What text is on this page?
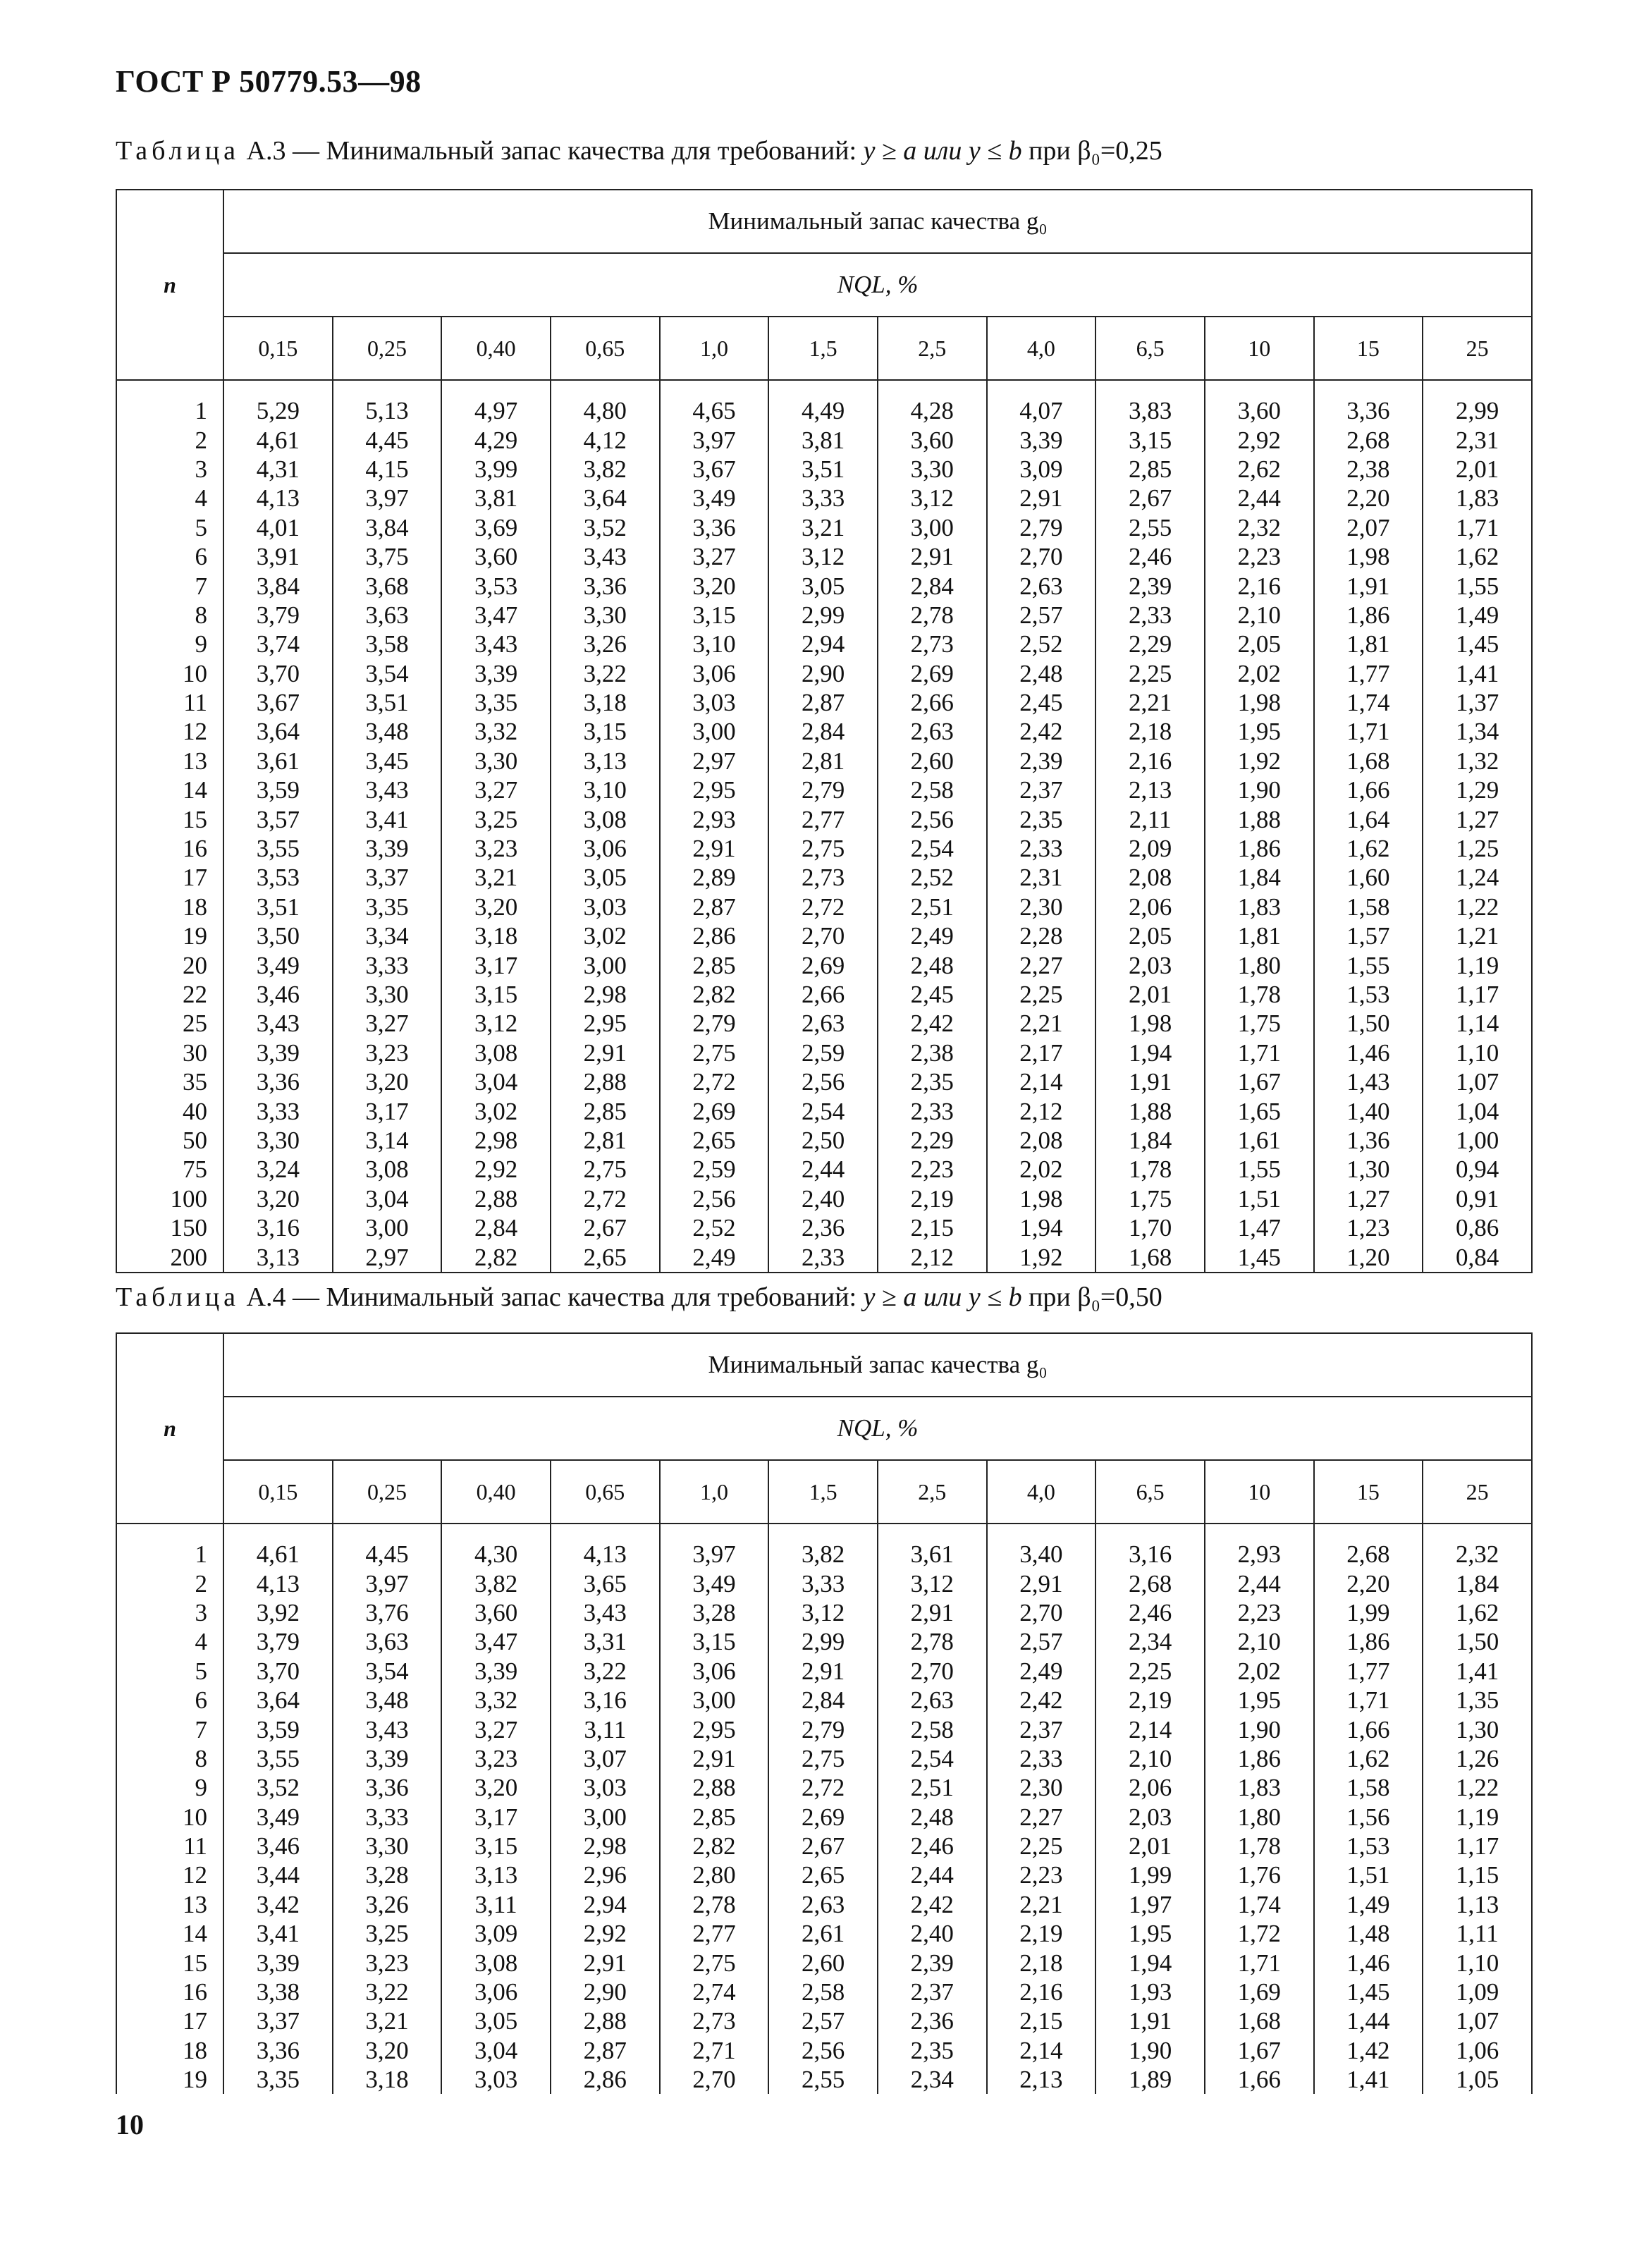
ГОСТ Р 50779.53—98
Таблица А.3 — Минимальный запас качества для требований: y ≥ a или y ≤ b при β₀=0,25
n	Минимальный запас качества g₀											
	NQL, %											
	0,15	0,25	0,40	0,65	1,0	1,5	2,5	4,0	6,5	10	15	25
1	5,29	5,13	4,97	4,80	4,65	4,49	4,28	4,07	3,83	3,60	3,36	2,99
2	4,61	4,45	4,29	4,12	3,97	3,81	3,60	3,39	3,15	2,92	2,68	2,31
3	4,31	4,15	3,99	3,82	3,67	3,51	3,30	3,09	2,85	2,62	2,38	2,01
4	4,13	3,97	3,81	3,64	3,49	3,33	3,12	2,91	2,67	2,44	2,20	1,83
5	4,01	3,84	3,69	3,52	3,36	3,21	3,00	2,79	2,55	2,32	2,07	1,71
6	3,91	3,75	3,60	3,43	3,27	3,12	2,91	2,70	2,46	2,23	1,98	1,62
7	3,84	3,68	3,53	3,36	3,20	3,05	2,84	2,63	2,39	2,16	1,91	1,55
8	3,79	3,63	3,47	3,30	3,15	2,99	2,78	2,57	2,33	2,10	1,86	1,49
9	3,74	3,58	3,43	3,26	3,10	2,94	2,73	2,52	2,29	2,05	1,81	1,45
10	3,70	3,54	3,39	3,22	3,06	2,90	2,69	2,48	2,25	2,02	1,77	1,41
11	3,67	3,51	3,35	3,18	3,03	2,87	2,66	2,45	2,21	1,98	1,74	1,37
12	3,64	3,48	3,32	3,15	3,00	2,84	2,63	2,42	2,18	1,95	1,71	1,34
13	3,61	3,45	3,30	3,13	2,97	2,81	2,60	2,39	2,16	1,92	1,68	1,32
14	3,59	3,43	3,27	3,10	2,95	2,79	2,58	2,37	2,13	1,90	1,66	1,29
15	3,57	3,41	3,25	3,08	2,93	2,77	2,56	2,35	2,11	1,88	1,64	1,27
16	3,55	3,39	3,23	3,06	2,91	2,75	2,54	2,33	2,09	1,86	1,62	1,25
17	3,53	3,37	3,21	3,05	2,89	2,73	2,52	2,31	2,08	1,84	1,60	1,24
18	3,51	3,35	3,20	3,03	2,87	2,72	2,51	2,30	2,06	1,83	1,58	1,22
19	3,50	3,34	3,18	3,02	2,86	2,70	2,49	2,28	2,05	1,81	1,57	1,21
20	3,49	3,33	3,17	3,00	2,85	2,69	2,48	2,27	2,03	1,80	1,55	1,19
22	3,46	3,30	3,15	2,98	2,82	2,66	2,45	2,25	2,01	1,78	1,53	1,17
25	3,43	3,27	3,12	2,95	2,79	2,63	2,42	2,21	1,98	1,75	1,50	1,14
30	3,39	3,23	3,08	2,91	2,75	2,59	2,38	2,17	1,94	1,71	1,46	1,10
35	3,36	3,20	3,04	2,88	2,72	2,56	2,35	2,14	1,91	1,67	1,43	1,07
40	3,33	3,17	3,02	2,85	2,69	2,54	2,33	2,12	1,88	1,65	1,40	1,04
50	3,30	3,14	2,98	2,81	2,65	2,50	2,29	2,08	1,84	1,61	1,36	1,00
75	3,24	3,08	2,92	2,75	2,59	2,44	2,23	2,02	1,78	1,55	1,30	0,94
100	3,20	3,04	2,88	2,72	2,56	2,40	2,19	1,98	1,75	1,51	1,27	0,91
150	3,16	3,00	2,84	2,67	2,52	2,36	2,15	1,94	1,70	1,47	1,23	0,86
200	3,13	2,97	2,82	2,65	2,49	2,33	2,12	1,92	1,68	1,45	1,20	0,84
Таблица А.4 — Минимальный запас качества для требований: y ≥ a или y ≤ b при β₀=0,50
n	Минимальный запас качества g₀											
	NQL, %											
	0,15	0,25	0,40	0,65	1,0	1,5	2,5	4,0	6,5	10	15	25
1	4,61	4,45	4,30	4,13	3,97	3,82	3,61	3,40	3,16	2,93	2,68	2,32
2	4,13	3,97	3,82	3,65	3,49	3,33	3,12	2,91	2,68	2,44	2,20	1,84
3	3,92	3,76	3,60	3,43	3,28	3,12	2,91	2,70	2,46	2,23	1,99	1,62
4	3,79	3,63	3,47	3,31	3,15	2,99	2,78	2,57	2,34	2,10	1,86	1,50
5	3,70	3,54	3,39	3,22	3,06	2,91	2,70	2,49	2,25	2,02	1,77	1,41
6	3,64	3,48	3,32	3,16	3,00	2,84	2,63	2,42	2,19	1,95	1,71	1,35
7	3,59	3,43	3,27	3,11	2,95	2,79	2,58	2,37	2,14	1,90	1,66	1,30
8	3,55	3,39	3,23	3,07	2,91	2,75	2,54	2,33	2,10	1,86	1,62	1,26
9	3,52	3,36	3,20	3,03	2,88	2,72	2,51	2,30	2,06	1,83	1,58	1,22
10	3,49	3,33	3,17	3,00	2,85	2,69	2,48	2,27	2,03	1,80	1,56	1,19
11	3,46	3,30	3,15	2,98	2,82	2,67	2,46	2,25	2,01	1,78	1,53	1,17
12	3,44	3,28	3,13	2,96	2,80	2,65	2,44	2,23	1,99	1,76	1,51	1,15
13	3,42	3,26	3,11	2,94	2,78	2,63	2,42	2,21	1,97	1,74	1,49	1,13
14	3,41	3,25	3,09	2,92	2,77	2,61	2,40	2,19	1,95	1,72	1,48	1,11
15	3,39	3,23	3,08	2,91	2,75	2,60	2,39	2,18	1,94	1,71	1,46	1,10
16	3,38	3,22	3,06	2,90	2,74	2,58	2,37	2,16	1,93	1,69	1,45	1,09
17	3,37	3,21	3,05	2,88	2,73	2,57	2,36	2,15	1,91	1,68	1,44	1,07
18	3,36	3,20	3,04	2,87	2,71	2,56	2,35	2,14	1,90	1,67	1,42	1,06
19	3,35	3,18	3,03	2,86	2,70	2,55	2,34	2,13	1,89	1,66	1,41	1,05
10
